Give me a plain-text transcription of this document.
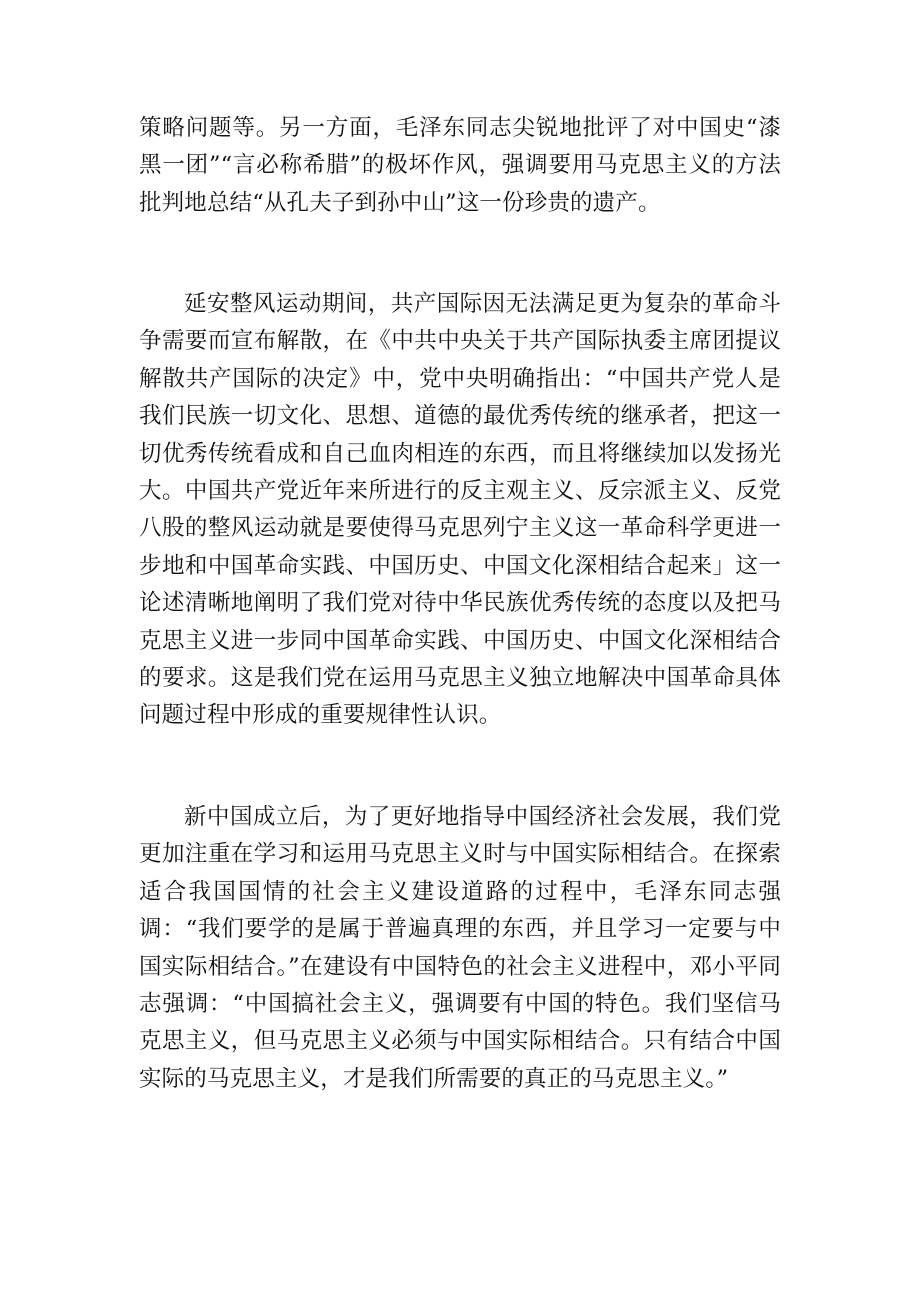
策略问题等。另一方面，毛泽东同志尖锐地批评了对中国史“漆黑一团”“言必称希腊”的极坏作风，强调要用马克思主义的方法批判地总结“从孔夫子到孙中山”这一份珍贵的遗产。

延安整风运动期间，共产国际因无法满足更为复杂的革命斗争需要而宣布解散，在《中共中央关于共产国际执委主席团提议解散共产国际的决定》中，党中央明确指出：“中国共产党人是我们民族一切文化、思想、道德的最优秀传统的继承者，把这一切优秀传统看成和自己血肉相连的东西，而且将继续加以发扬光大。中国共产党近年来所进行的反主观主义、反宗派主义、反党八股的整风运动就是要使得马克思列宁主义这一革命科学更进一步地和中国革命实践、中国历史、中国文化深相结合起来」这一论述清晰地阐明了我们党对待中华民族优秀传统的态度以及把马克思主义进一步同中国革命实践、中国历史、中国文化深相结合的要求。这是我们党在运用马克思主义独立地解决中国革命具体问题过程中形成的重要规律性认识。

新中国成立后，为了更好地指导中国经济社会发展，我们党更加注重在学习和运用马克思主义时与中国实际相结合。在探索适合我国国情的社会主义建设道路的过程中，毛泽东同志强调：“我们要学的是属于普遍真理的东西，并且学习一定要与中国实际相结合。”在建设有中国特色的社会主义进程中，邓小平同志强调：“中国搞社会主义，强调要有中国的特色。我们坚信马克思主义，但马克思主义必须与中国实际相结合。只有结合中国实际的马克思主义，才是我们所需要的真正的马克思主义。”
